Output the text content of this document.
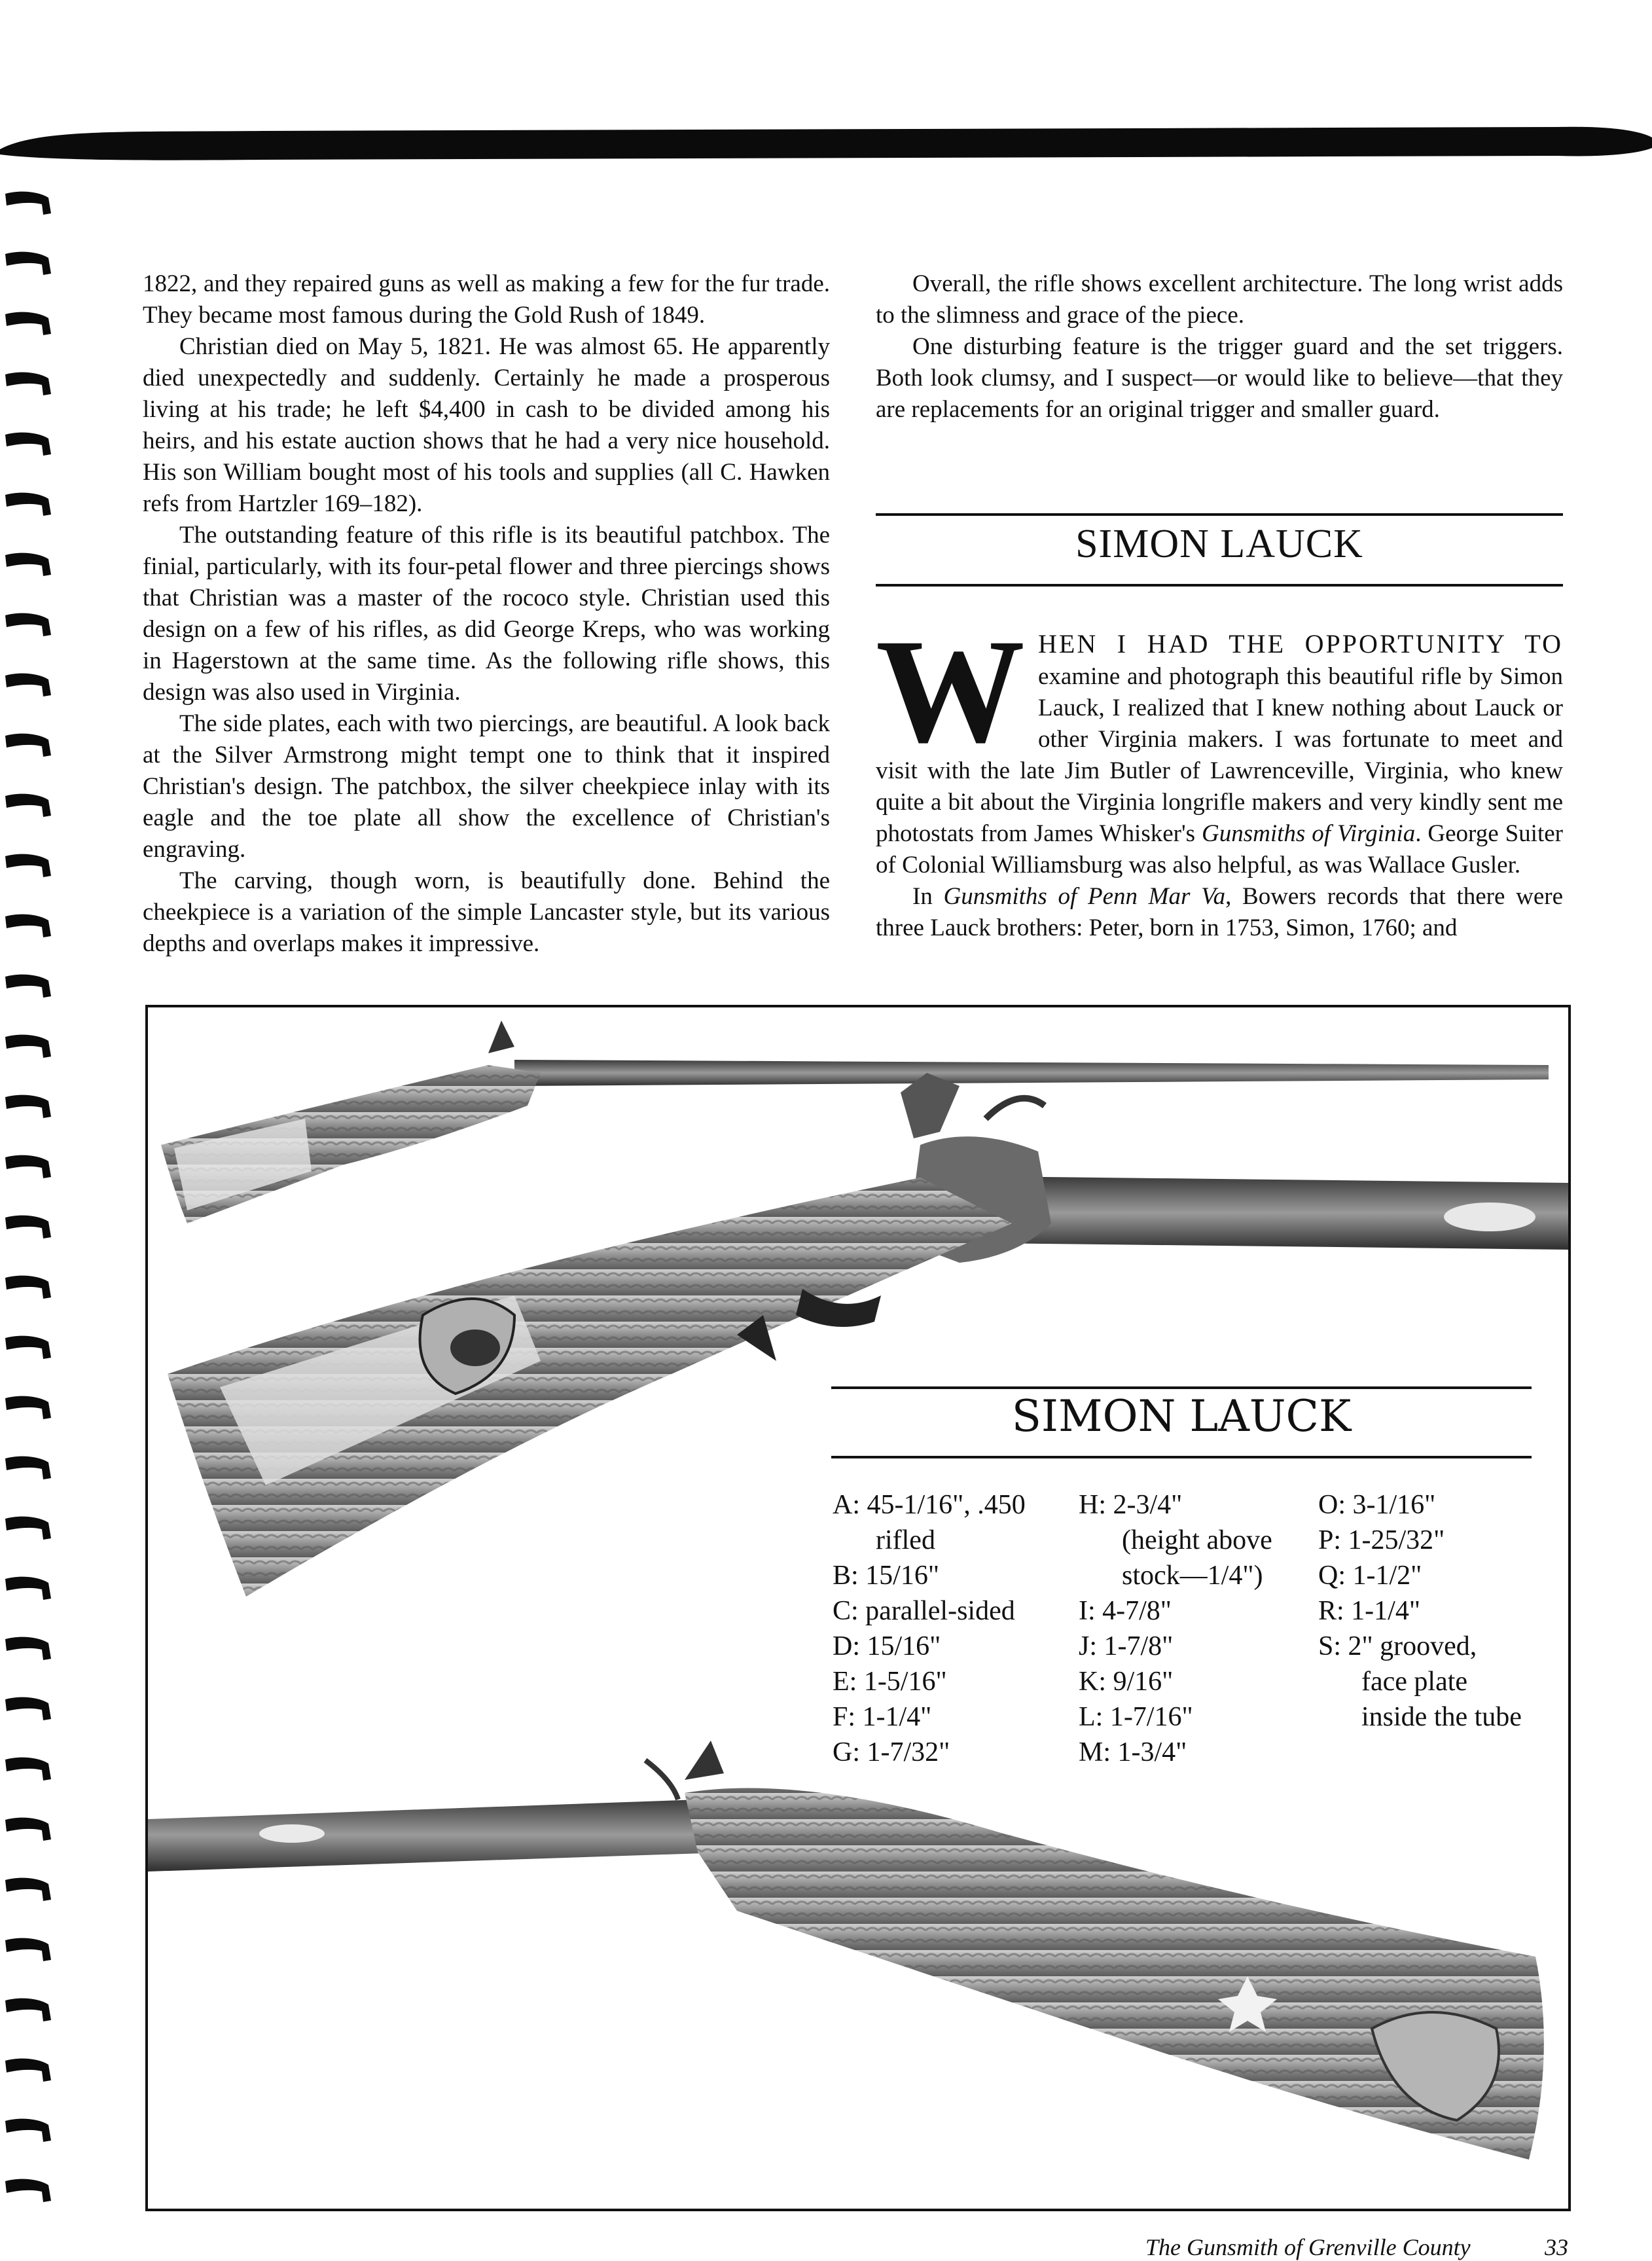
1822, and they repaired guns as well as making a few for the fur trade. They became most famous during the Gold Rush of 1849.

Christian died on May 5, 1821. He was almost 65. He apparently died unexpectedly and suddenly. Certainly he made a prosperous living at his trade; he left $4,400 in cash to be divided among his heirs, and his estate auction shows that he had a very nice household. His son William bought most of his tools and supplies (all C. Hawken refs from Hartzler 169–182).

The outstanding feature of this rifle is its beautiful patchbox. The finial, particularly, with its four-petal flower and three piercings shows that Christian was a master of the rococo style. Christian used this design on a few of his rifles, as did George Kreps, who was working in Hagerstown at the same time. As the following rifle shows, this design was also used in Virginia.

The side plates, each with two piercings, are beautiful. A look back at the Silver Armstrong might tempt one to think that it inspired Christian's design. The patchbox, the silver cheekpiece inlay with its eagle and the toe plate all show the excellence of Christian's engraving.

The carving, though worn, is beautifully done. Behind the cheekpiece is a variation of the simple Lancaster style, but its various depths and overlaps makes it impressive.

Overall, the rifle shows excellent architecture. The long wrist adds to the slimness and grace of the piece.

One disturbing feature is the trigger guard and the set triggers. Both look clumsy, and I suspect—or would like to believe—that they are replacements for an original trigger and smaller guard.

SIMON LAUCK

W HEN I HAD THE OPPORTUNITY TO examine and photograph this beautiful rifle by Simon Lauck, I realized that I knew nothing about Lauck or other Virginia makers. I was fortunate to meet and visit with the late Jim Butler of Lawrenceville, Virginia, who knew quite a bit about the Virginia longrifle makers and very kindly sent me photostats from James Whisker's Gunsmiths of Virginia. George Suiter of Colonial Williamsburg was also helpful, as was Wallace Gusler.

In Gunsmiths of Penn Mar Va, Bowers records that there were three Lauck brothers: Peter, born in 1753, Simon, 1760; and

SIMON LAUCK
A: 45-1/16", .450
rifled
B: 15/16"
C: parallel-sided
D: 15/16"
E: 1-5/16"
F: 1-1/4"
G: 1-7/32"
H: 2-3/4"
(height above
stock—1/4")
I: 4-7/8"
J: 1-7/8"
K: 9/16"
L: 1-7/16"
M: 1-3/4"
O: 3-1/16"
P: 1-25/32"
Q: 1-1/2"
R: 1-1/4"
S: 2" grooved,
face plate
inside the tube
The Gunsmith of Grenville County	33
